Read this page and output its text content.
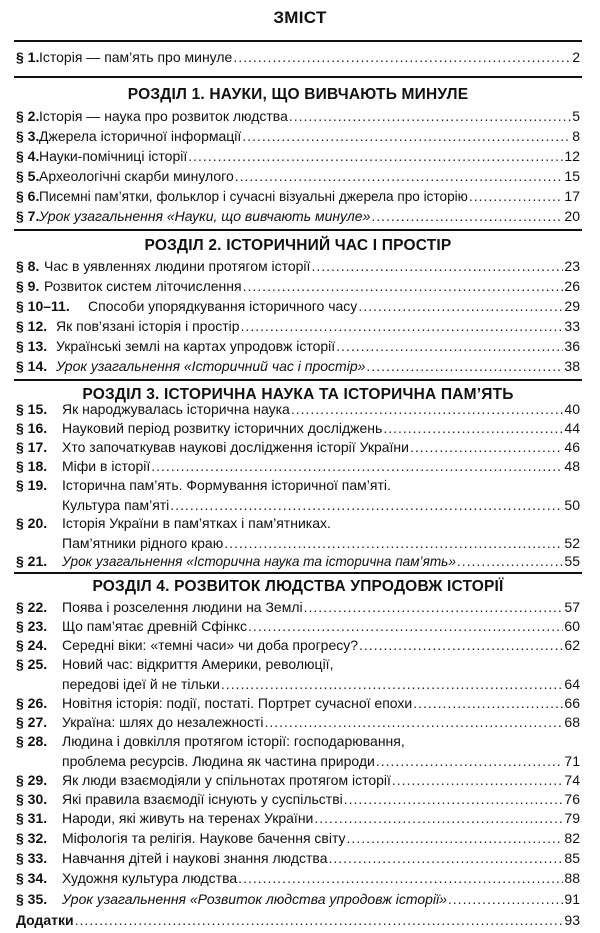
ЗМІСТ
§ 1. Історія — пам’ять про минуле .....	2
РОЗДІЛ 1. НАУКИ, ЩО ВИВЧАЮТЬ МИНУЛЕ
§ 2. Історія — наука про розвиток людства .....	5
§ 3. Джерела історичної інформації .....	8
§ 4. Науки-помічниці історії .....	12
§ 5. Археологічні скарби минулого .....	15
§ 6. Писемні пам’ятки, фольклор і сучасні візуальні джерела про історію .....	17
§ 7. Урок узагальнення «Науки, що вивчають минуле» .....	20
РОЗДІЛ 2. ІСТОРИЧНИЙ ЧАС І ПРОСТІР
§ 8. Час в уявленнях людини протягом історії .....	23
§ 9. Розвиток систем літочислення .....	26
§ 10–11. Способи упорядкування історичного часу .....	29
§ 12. Як пов’язані історія і простір .....	33
§ 13. Українські землі на картах упродовж історії .....	36
§ 14. Урок узагальнення «Історичний час і простір» .....	38
РОЗДІЛ 3. ІСТОРИЧНА НАУКА ТА ІСТОРИЧНА ПАМ’ЯТЬ
§ 15. Як народжувалась історична наука .....	40
§ 16. Науковий період розвитку історичних досліджень .....	44
§ 17. Хто започаткував наукові дослідження історії України .....	46
§ 18. Міфи в історії .....	48
§ 19.	Історична пам’ять. Формування історичної пам’яті.
Культура пам’яті .....	50
§ 20.	Історія України в пам’ятках і пам’ятниках.
Пам’ятники рідного краю .....	52
§ 21. Урок узагальнення «Історична наука та історична пам’ять» .....	55
РОЗДІЛ 4. РОЗВИТОК ЛЮДСТВА УПРОДОВЖ ІСТОРІЇ
§ 22. Поява і розселення людини на Землі .....	57
§ 23. Що пам’ятає древній Сфінкс .....	60
§ 24. Середні віки: «темні часи» чи доба прогресу? .....	62
§ 25.	Новий час: відкриття Америки, революції,
передові ідеї й не тільки .....	64
§ 26. Новітня історія: події, постаті. Портрет сучасної епохи .....	66
§ 27. Україна: шлях до незалежності .....	68
§ 28.	Людина і довкілля протягом історії: господарювання,
проблема ресурсів. Людина як частина природи .....	71
§ 29. Як люди взаємодіяли у спільнотах протягом історії .....	74
§ 30. Які правила взаємодії існують у суспільстві .....	76
§ 31. Народи, які живуть на теренах України .....	79
§ 32. Міфологія та релігія. Наукове бачення світу .....	82
§ 33. Навчання дітей і наукові знання людства .....	85
§ 34. Художня культура людства .....	88
§ 35. Урок узагальнення «Розвиток людства упродовж історії» .....	91
Додатки .....	93
